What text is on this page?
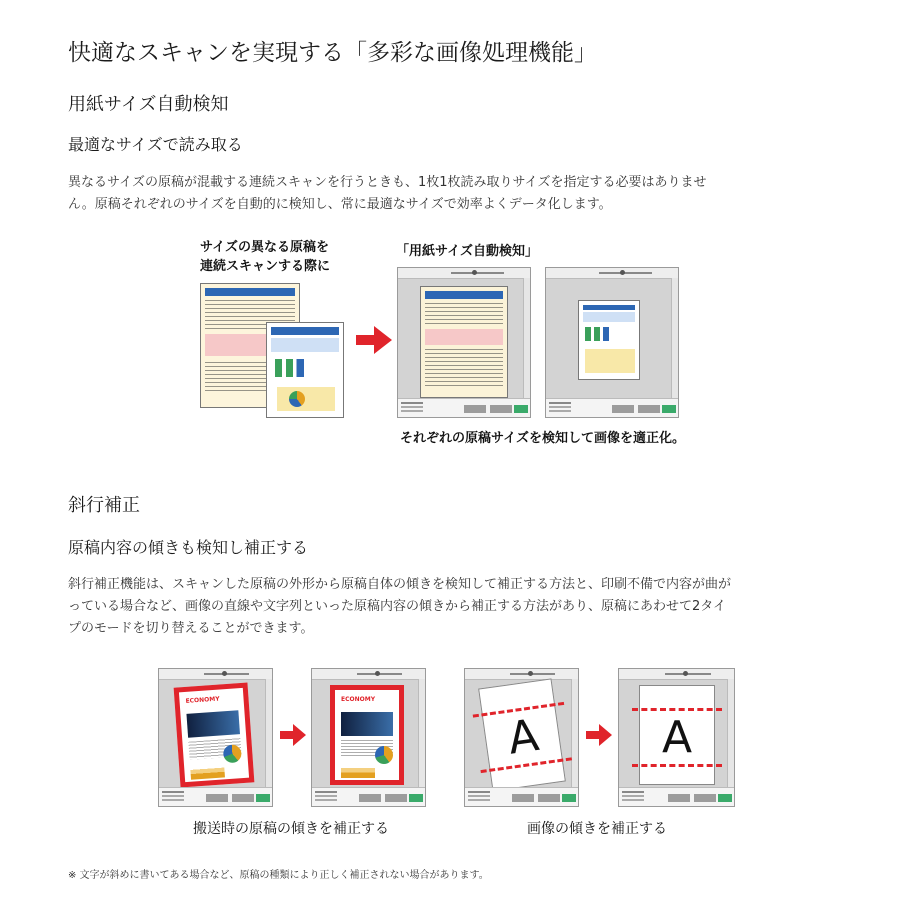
快適なスキャンを実現する「多彩な画像処理機能」
用紙サイズ自動検知
最適なサイズで読み取る
異なるサイズの原稿が混載する連続スキャンを行うときも、1枚1枚読み取りサイズを指定する必要はありませ
ん。原稿それぞれのサイズを自動的に検知し、常に最適なサイズで効率よくデータ化します。
サイズの異なる原稿を
連続スキャンする際に
「用紙サイズ自動検知」
それぞれの原稿サイズを検知して画像を適正化。
斜行補正
原稿内容の傾きも検知し補正する
斜行補正機能は、スキャンした原稿の外形から原稿自体の傾きを検知して補正する方法と、印刷不備で内容が曲が
っている場合など、画像の直線や文字列といった原稿内容の傾きから補正する方法があり、原稿にあわせて2タイ
プのモードを切り替えることができます。
ECONOMY	ECONOMY
A	A
搬送時の原稿の傾きを補正する	画像の傾きを補正する
※ 文字が斜めに書いてある場合など、原稿の種類により正しく補正されない場合があります。
